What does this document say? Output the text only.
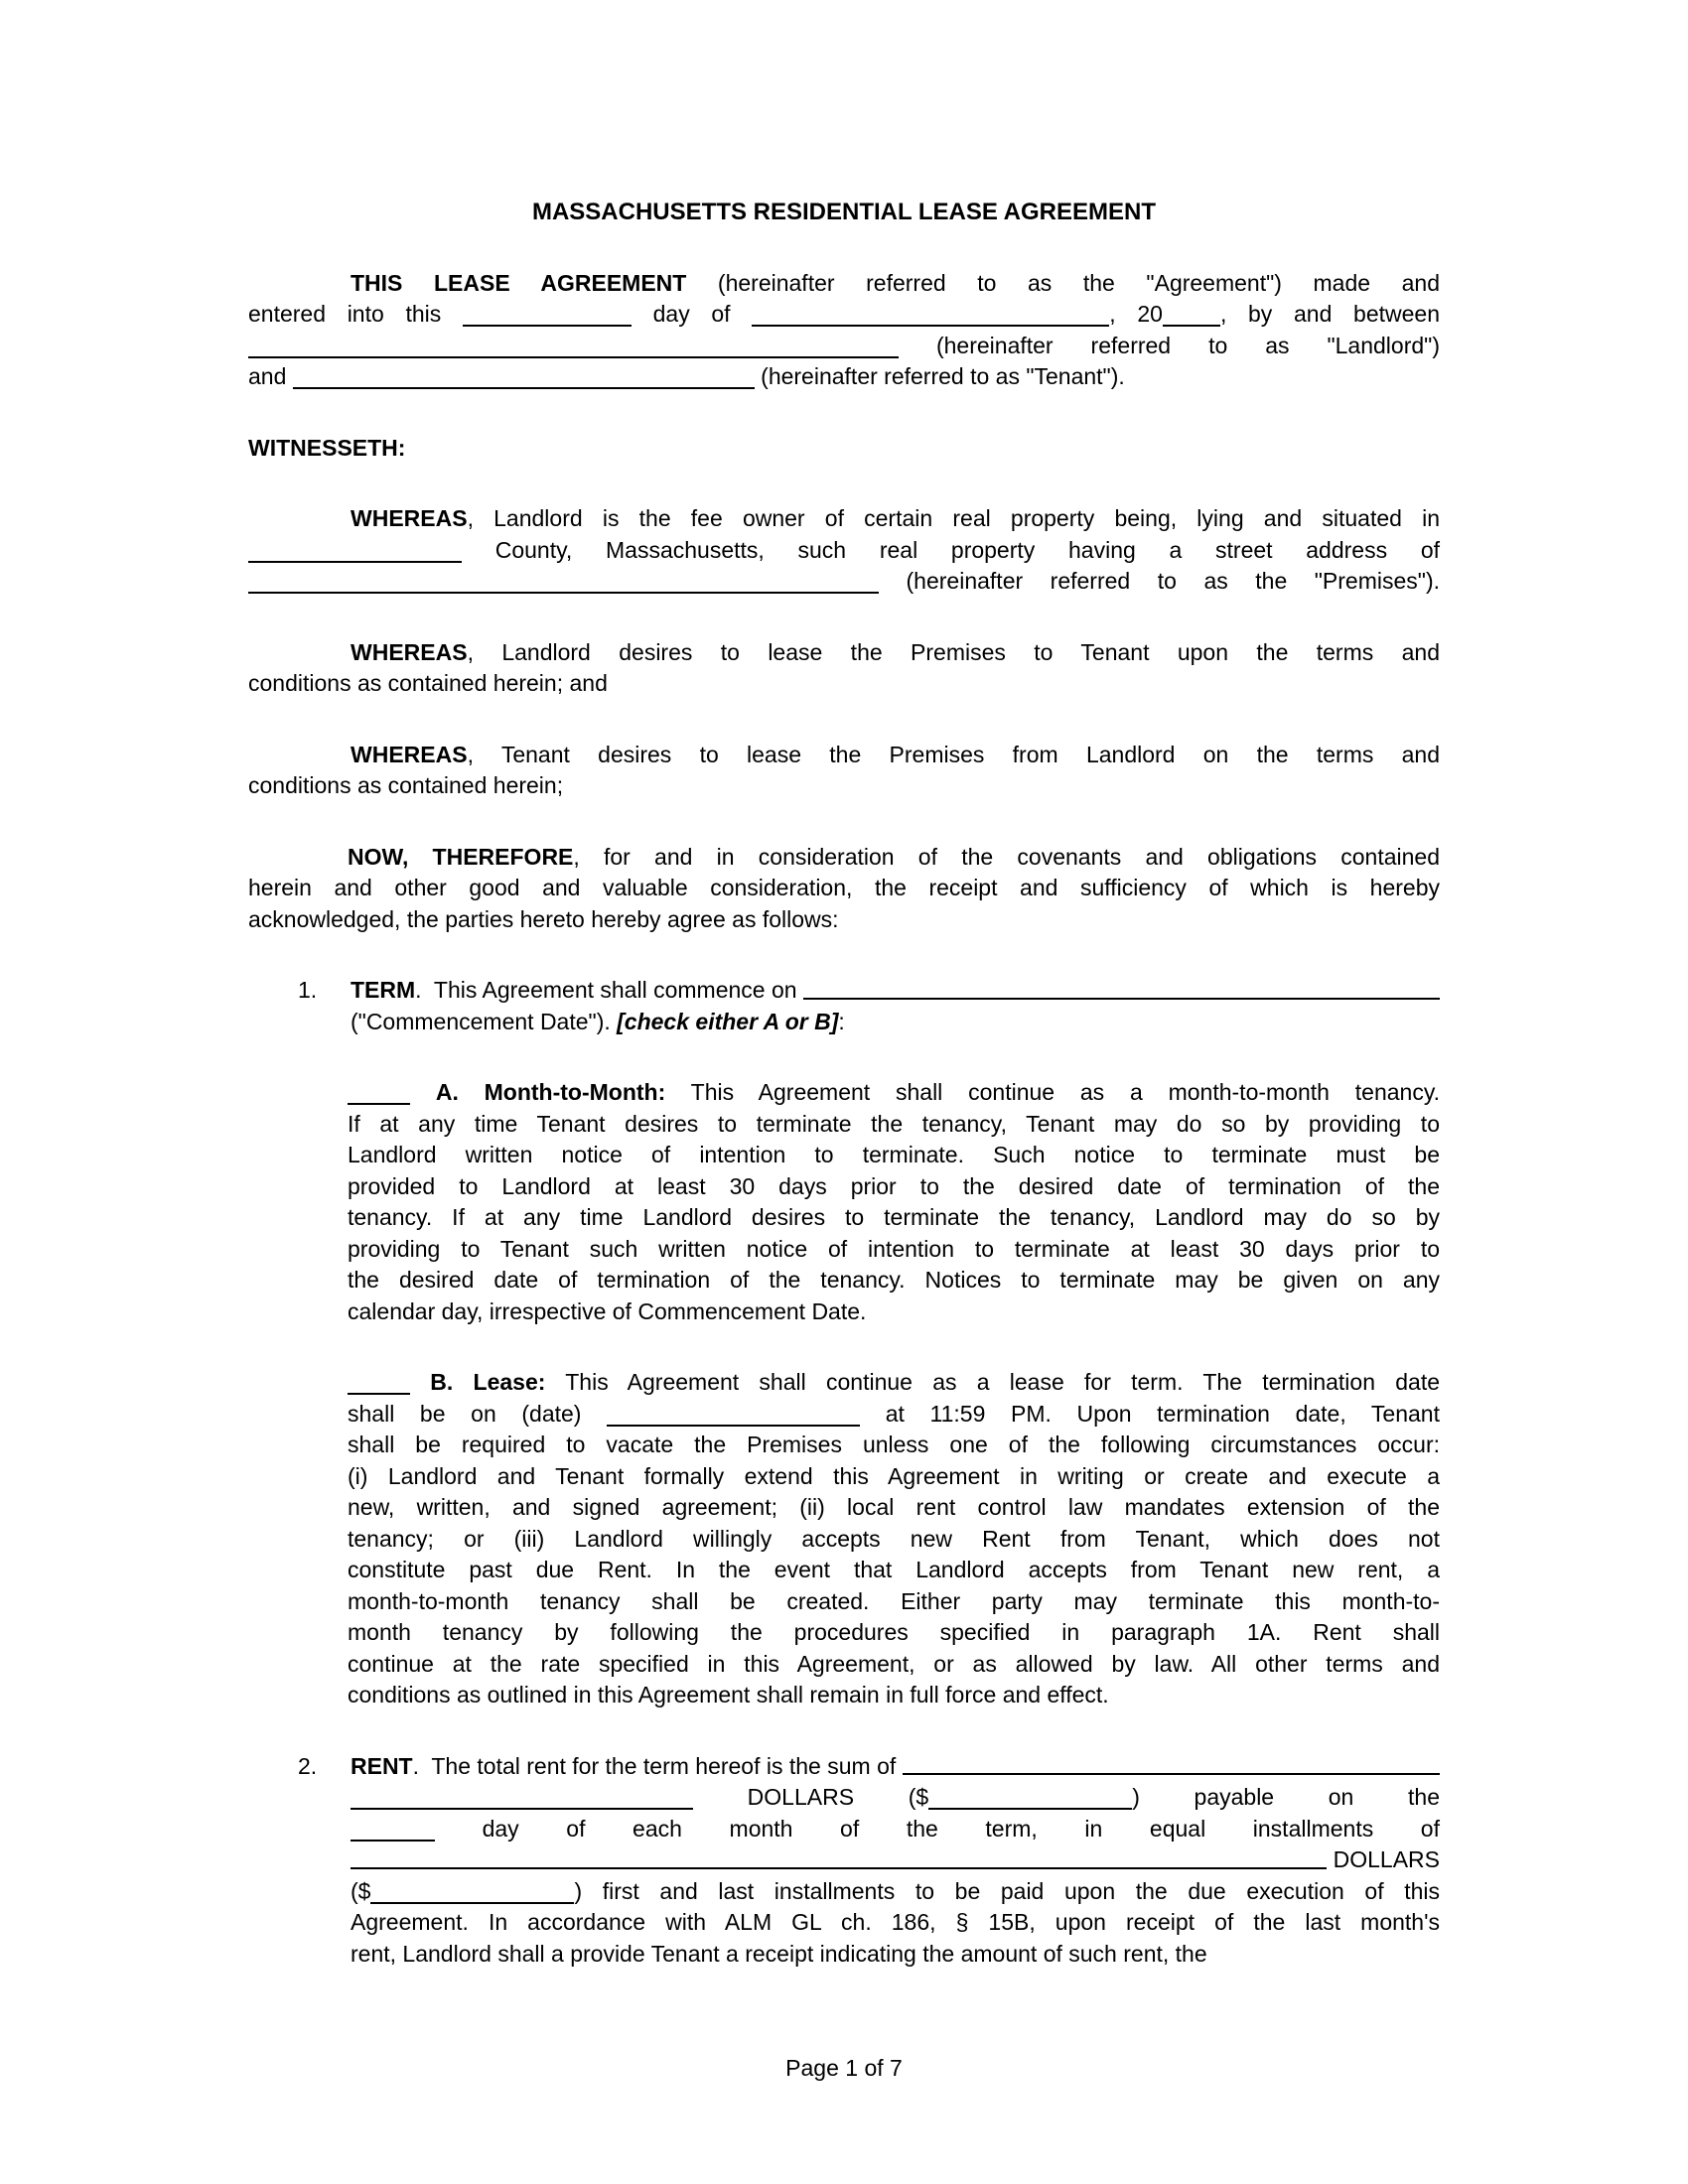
MASSACHUSETTS RESIDENTIAL LEASE AGREEMENT
THIS LEASE AGREEMENT (hereinafter referred to as the "Agreement") made and
entered into this	day of	, 20	, by and between
(hereinafter referred to as "Landlord")
and	(hereinafter referred to as "Tenant").
WITNESSETH:
WHEREAS, Landlord is the fee owner of certain real property being, lying and situated in
County, Massachusetts, such real property having a street address of
(hereinafter referred to as the "Premises").
WHEREAS, Landlord desires to lease the Premises to Tenant upon the terms and
conditions as contained herein; and
WHEREAS, Tenant desires to lease the Premises from Landlord on the terms and
conditions as contained herein;
NOW, THEREFORE, for and in consideration of the covenants and obligations contained
herein and other good and valuable consideration, the receipt and sufficiency of which is hereby
acknowledged, the parties hereto hereby agree as follows:
1. TERM .  This Agreement shall commence on
("Commencement Date"). [check either A or B]:
A. Month-to-Month: This Agreement shall continue as a month-to-month tenancy.
If at any time Tenant desires to terminate the tenancy, Tenant may do so by providing to
Landlord written notice of intention to terminate. Such notice to terminate must be
provided to Landlord at least 30 days prior to the desired date of termination of the
tenancy. If at any time Landlord desires to terminate the tenancy, Landlord may do so by
providing to Tenant such written notice of intention to terminate at least 30 days prior to
the desired date of termination of the tenancy. Notices to terminate may be given on any
calendar day, irrespective of Commencement Date.
B. Lease: This Agreement shall continue as a lease for term. The termination date
shall be on (date)	at 11:59 PM. Upon termination date, Tenant
shall be required to vacate the Premises unless one of the following circumstances occur:
(i) Landlord and Tenant formally extend this Agreement in writing or create and execute a
new, written, and signed agreement; (ii) local rent control law mandates extension of the
tenancy; or (iii) Landlord willingly accepts new Rent from Tenant, which does not
constitute past due Rent. In the event that Landlord accepts from Tenant new rent, a
month-to-month tenancy shall be created. Either party may terminate this month-to-
month tenancy by following the procedures specified in paragraph 1A. Rent shall
continue at the rate specified in this Agreement, or as allowed by law. All other terms and
conditions as outlined in this Agreement shall remain in full force and effect.
2. RENT .  The total rent for the term hereof is the sum of
DOLLARS ($	) payable on the
day of each month of the term, in equal installments of
DOLLARS
($	) first and last installments to be paid upon the due execution of this
Agreement. In accordance with ALM GL ch. 186, § 15B, upon receipt of the last month's
rent, Landlord shall a provide Tenant a receipt indicating the amount of such rent, the
Page 1 of 7
